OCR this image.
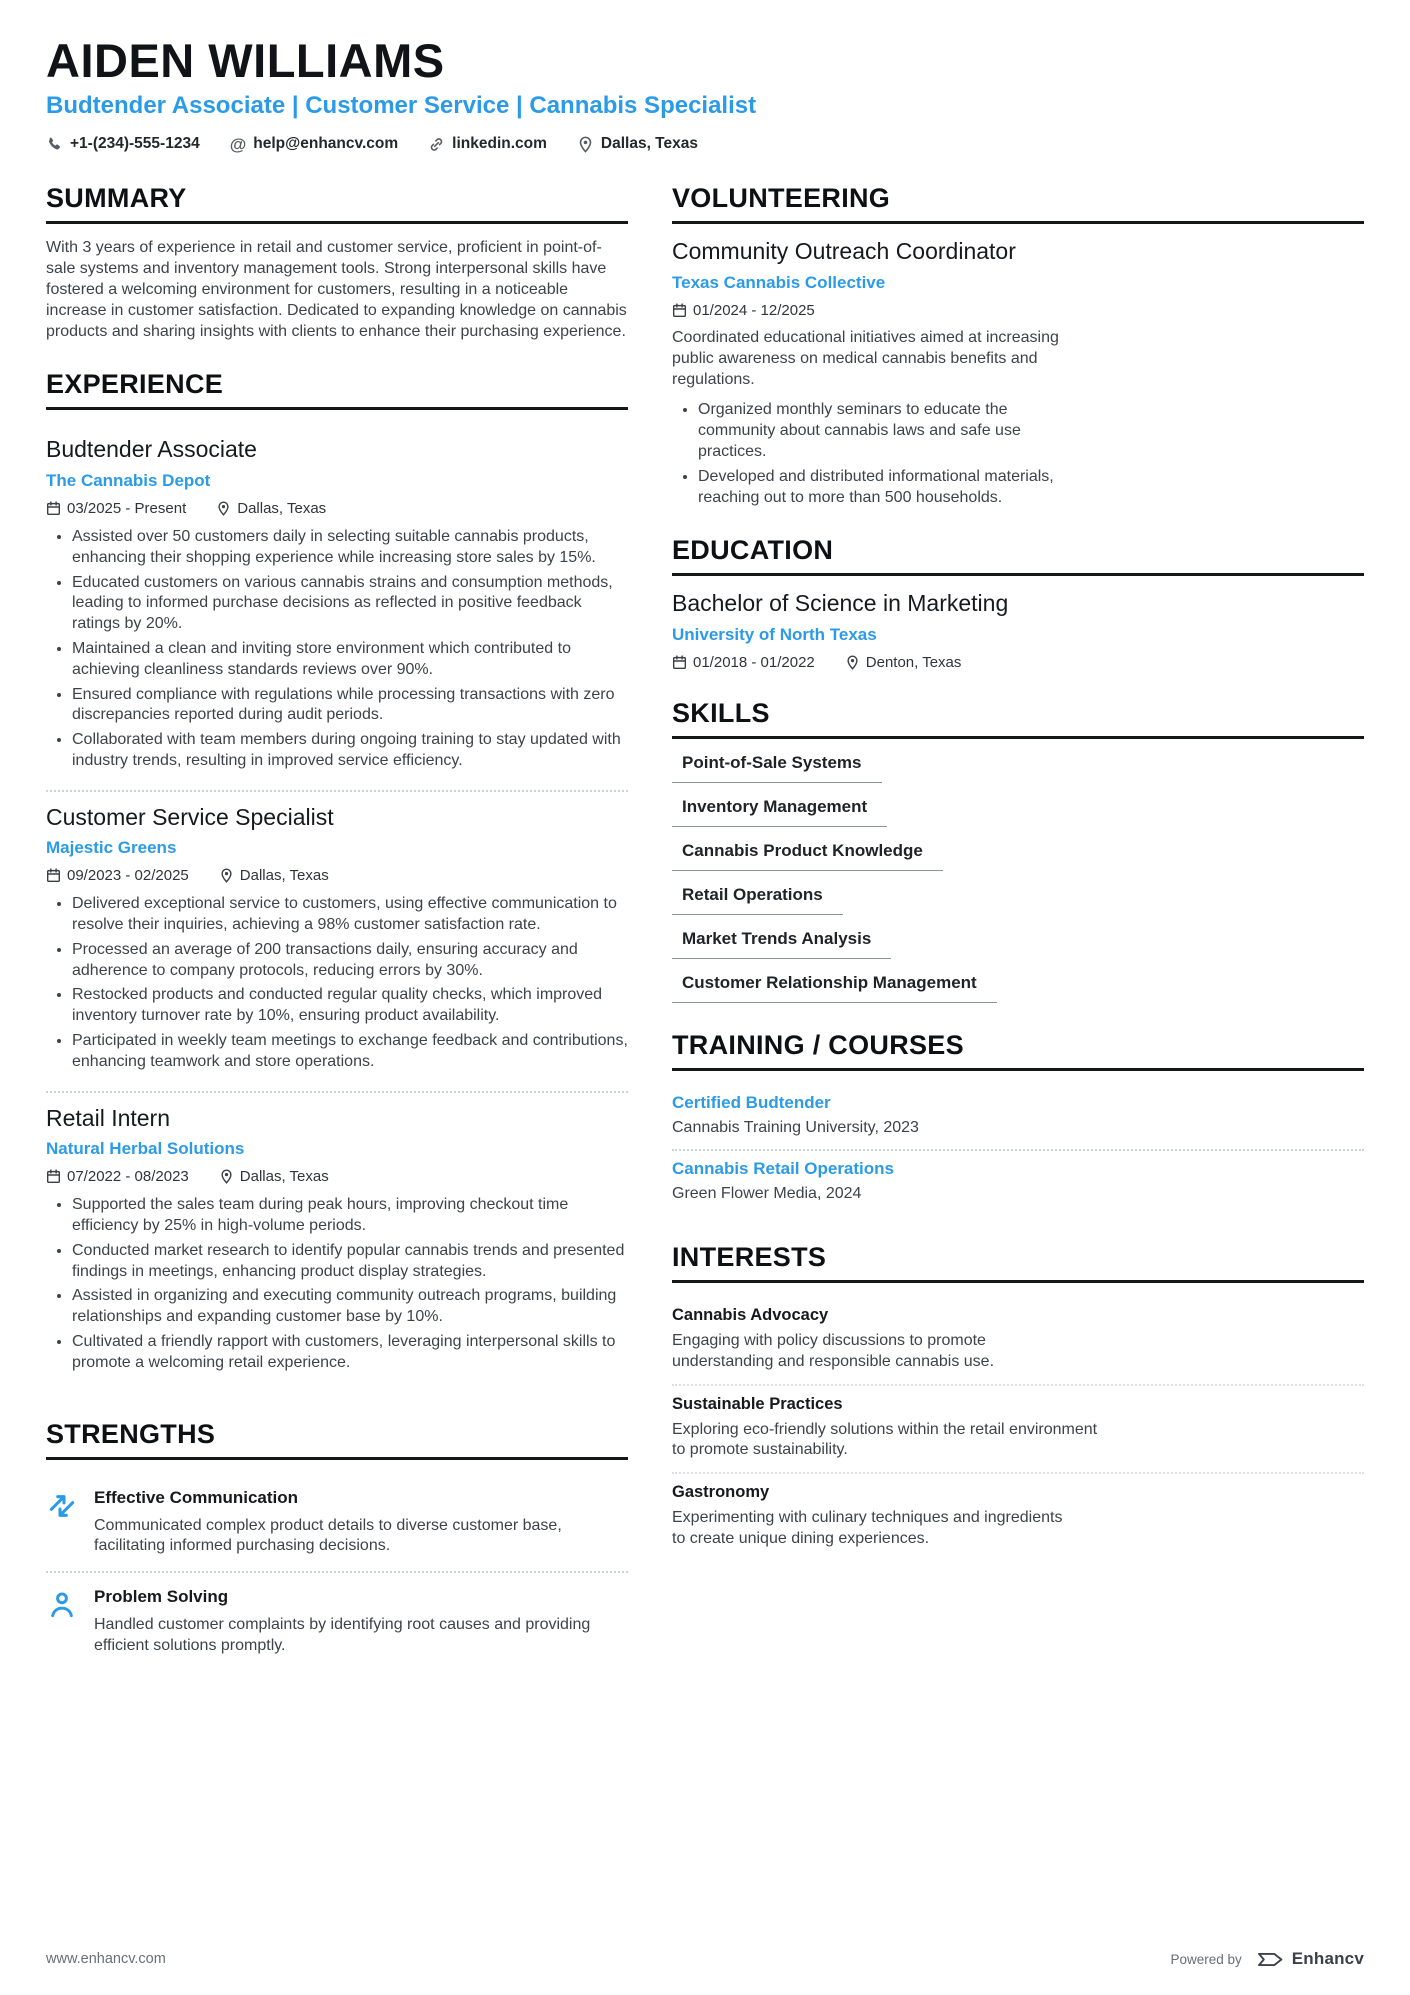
AIDEN WILLIAMS
Budtender Associate | Customer Service | Cannabis Specialist
+1-(234)-555-1234 @ help@enhancv.com	linkedin.com	Dallas, Texas
SUMMARY

With 3 years of experience in retail and customer service, proficient in point-of-sale systems and inventory management tools. Strong interpersonal skills have fostered a welcoming environment for customers, resulting in a noticeable increase in customer satisfaction. Dedicated to expanding knowledge on cannabis products and sharing insights with clients to enhance their purchasing experience.

EXPERIENCE
Budtender Associate
The Cannabis Depot
03/2025 - Present	Dallas, Texas
• Assisted over 50 customers daily in selecting suitable cannabis products, enhancing their shopping experience while increasing store sales by 15%.
• Educated customers on various cannabis strains and consumption methods, leading to informed purchase decisions as reflected in positive feedback ratings by 20%.
• Maintained a clean and inviting store environment which contributed to achieving cleanliness standards reviews over 90%.
• Ensured compliance with regulations while processing transactions with zero discrepancies reported during audit periods.
• Collaborated with team members during ongoing training to stay updated with industry trends, resulting in improved service efficiency.
Customer Service Specialist
Majestic Greens
09/2023 - 02/2025	Dallas, Texas
• Delivered exceptional service to customers, using effective communication to resolve their inquiries, achieving a 98% customer satisfaction rate.
• Processed an average of 200 transactions daily, ensuring accuracy and adherence to company protocols, reducing errors by 30%.
• Restocked products and conducted regular quality checks, which improved inventory turnover rate by 10%, ensuring product availability.
• Participated in weekly team meetings to exchange feedback and contributions, enhancing teamwork and store operations.
Retail Intern
Natural Herbal Solutions
07/2022 - 08/2023	Dallas, Texas
• Supported the sales team during peak hours, improving checkout time efficiency by 25% in high-volume periods.
• Conducted market research to identify popular cannabis trends and presented findings in meetings, enhancing product display strategies.
• Assisted in organizing and executing community outreach programs, building relationships and expanding customer base by 10%.
• Cultivated a friendly rapport with customers, leveraging interpersonal skills to promote a welcoming retail experience.
STRENGTHS
Effective Communication
Communicated complex product details to diverse customer base, facilitating informed purchasing decisions.
Problem Solving
Handled customer complaints by identifying root causes and providing efficient solutions promptly.
VOLUNTEERING
Community Outreach Coordinator
Texas Cannabis Collective
01/2024 - 12/2025

Coordinated educational initiatives aimed at increasing public awareness on medical cannabis benefits and regulations.

• Organized monthly seminars to educate the community about cannabis laws and safe use practices.
• Developed and distributed informational materials, reaching out to more than 500 households.
EDUCATION
Bachelor of Science in Marketing
University of North Texas
01/2018 - 01/2022	Denton, Texas
SKILLS
Point-of-Sale Systems
Inventory Management
Cannabis Product Knowledge
Retail Operations
Market Trends Analysis
Customer Relationship Management
TRAINING / COURSES
Certified Budtender
Cannabis Training University, 2023
Cannabis Retail Operations
Green Flower Media, 2024
INTERESTS
Cannabis Advocacy
Engaging with policy discussions to promote understanding and responsible cannabis use.
Sustainable Practices
Exploring eco-friendly solutions within the retail environment to promote sustainability.
Gastronomy
Experimenting with culinary techniques and ingredients to create unique dining experiences.
www.enhancv.com	Powered by	Enhancv
